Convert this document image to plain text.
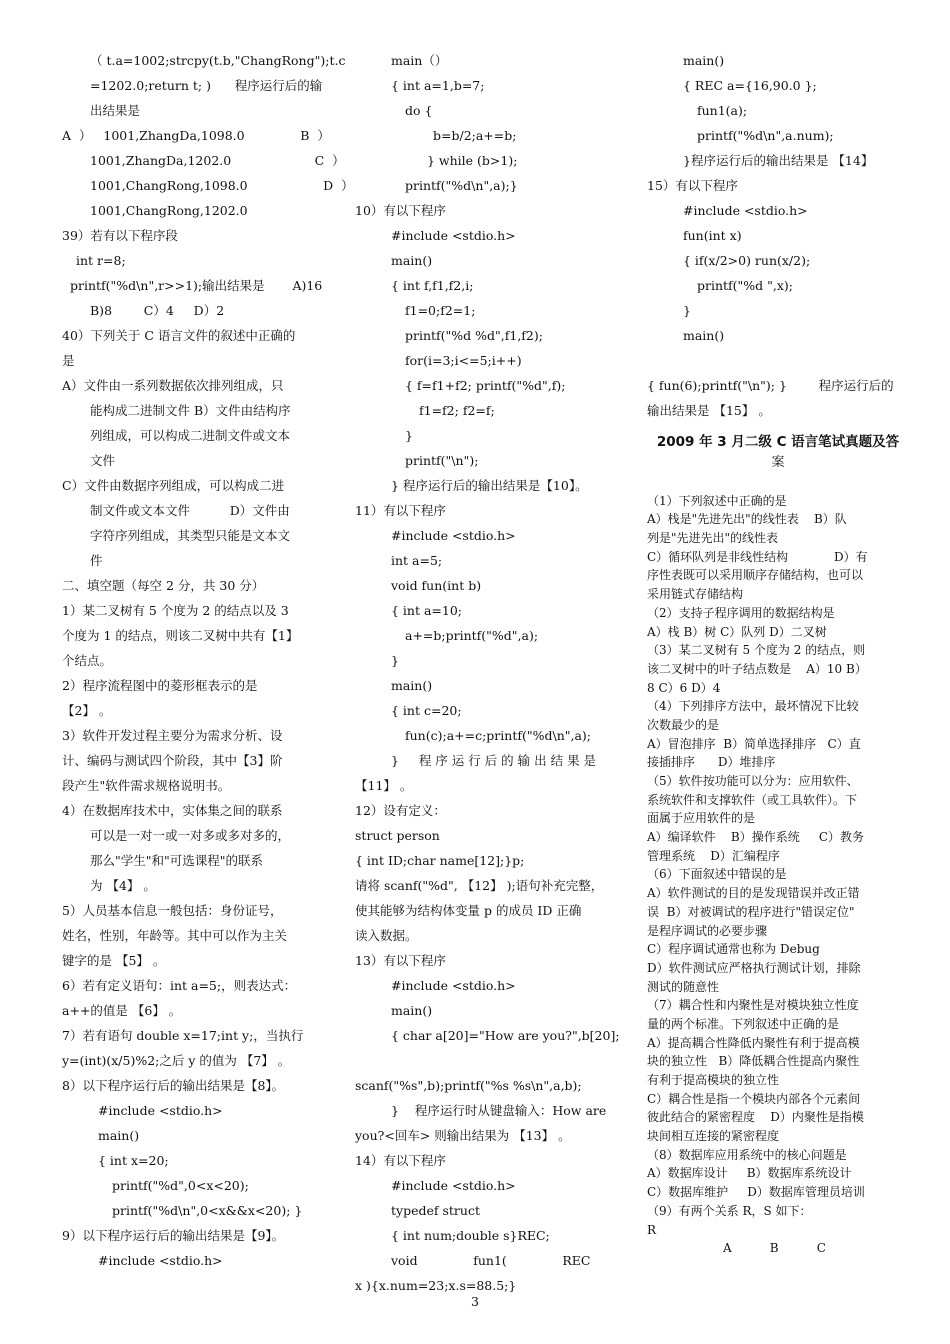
（ t.a=1002;strcpy(t.b,"ChangRong");t.c
=1202.0;return t; )      程序运行后的输
出结果是
A  ）   1001,ZhangDa,1098.0              B  ）
1001,ZhangDa,1202.0                     C  ）
1001,ChangRong,1098.0                   D  ）
1001,ChangRong,1202.0
39）若有以下程序段
int r=8;
printf("%d\n",r>>1);输出结果是       A)16
B)8        C）4     D）2
40）下列关于 C 语言文件的叙述中正确的
是
A）文件由一系列数据依次排列组成，只
能构成二进制文件 B）文件由结构序
列组成，可以构成二进制文件或文本
文件
C）文件由数据序列组成，可以构成二进
制文件或文本文件          D）文件由
字符序列组成，其类型只能是文本文
件
二、填空题（每空 2 分，共 30 分）
1）某二叉树有 5 个度为 2 的结点以及 3
个度为 1 的结点，则该二叉树中共有【1】
个结点。
2）程序流程图中的菱形框表示的是
【2】 。
3）软件开发过程主要分为需求分析、设
计、编码与测试四个阶段，其中【3】阶
段产生"软件需求规格说明书。
4）在数据库技术中，实体集之间的联系
可以是一对一或一对多或多对多的，
那么"学生"和"可选课程"的联系
为 【4】 。
5）人员基本信息一般包括：身份证号，
姓名，性别，年龄等。其中可以作为主关
键字的是 【5】 。
6）若有定义语句：int a=5;，则表达式：
a++的值是 【6】 。
7）若有语句 double x=17;int y;，当执行
y=(int)(x/5)%2;之后 y 的值为 【7】 。
8）以下程序运行后的输出结果是【8】。
#include <stdio.h>
main()
{ int x=20;
printf("%d",0<x<20);
printf("%d\n",0<x&&x<20); }
9）以下程序运行后的输出结果是【9】。
#include <stdio.h>
main（）
{ int a=1,b=7;
do {
b=b/2;a+=b;
} while (b>1);
printf("%d\n",a);}
10）有以下程序
#include <stdio.h>
main()
{ int f,f1,f2,i;
f1=0;f2=1;
printf("%d %d",f1,f2);
for(i=3;i<=5;i++)
{ f=f1+f2; printf("%d",f);
f1=f2; f2=f;
}
printf("\n");
} 程序运行后的输出结果是【10】。
11）有以下程序
#include <stdio.h>
int a=5;
void fun(int b)
{ int a=10;
a+=b;printf("%d",a);
}
main()
{ int c=20;
fun(c);a+=c;printf("%d\n",a);
}     程 序 运 行 后 的 输 出 结 果 是
【11】 。
12）设有定义：
struct person
{ int ID;char name[12];}p;
请将 scanf("%d", 【12】 );语句补充完整，
使其能够为结构体变量 p 的成员 ID 正确
读入数据。
13）有以下程序
#include <stdio.h>
main()
{ char a[20]="How are you?",b[20];
scanf("%s",b);printf("%s %s\n",a,b);
}    程序运行时从键盘输入：How are
you?<回车> 则输出结果为 【13】 。
14）有以下程序
#include <stdio.h>
typedef struct
{ int num;double s}REC;
void              fun1(              REC
x ){x.num=23;x.s=88.5;}
main()
{ REC a={16,90.0 };
fun1(a);
printf("%d\n",a.num);
}程序运行后的输出结果是 【14】
15）有以下程序
#include <stdio.h>
fun(int x)
{ if(x/2>0) run(x/2);
printf("%d ",x);
}
main()
{ fun(6);printf("\n"); }        程序运行后的
输出结果是 【15】 。
2009 年 3 月二级 C 语言笔试真题及答
案
（1）下列叙述中正确的是
A）栈是"先进先出"的线性表    B）队
列是"先进先出"的线性表
C）循环队列是非线性结构            D）有
序性表既可以采用顺序存储结构，也可以
采用链式存储结构
（2）支持子程序调用的数据结构是
A）栈 B）树 C）队列 D）二叉树
（3）某二叉树有 5 个度为 2 的结点，则
该二叉树中的叶子结点数是    A）10 B）
8 C）6 D）4
（4）下列排序方法中，最坏情况下比较
次数最少的是
A）冒泡排序  B）简单选择排序   C）直
接插排序      D）堆排序
（5）软件按功能可以分为：应用软件、
系统软件和支撑软件（或工具软件）。下
面属于应用软件的是
A）编译软件    B）操作系统     C）教务
管理系统    D）汇编程序
（6）下面叙述中错误的是
A）软件测试的目的是发现错误并改正错
误  B）对被调试的程序进行"错误定位"
是程序调试的必要步骤
C）程序调试通常也称为 Debug
D）软件测试应严格执行测试计划，排除
测试的随意性
（7）耦合性和内聚性是对模块独立性度
量的两个标准。下列叙述中正确的是
A）提高耦合性降低内聚性有利于提高模
块的独立性   B）降低耦合性提高内聚性
有利于提高模块的独立性
C）耦合性是指一个模块内部各个元素间
彼此结合的紧密程度    D）内聚性是指模
块间相互连接的紧密程度
（8）数据库应用系统中的核心问题是
A）数据库设计     B）数据库系统设计
C）数据库维护     D）数据库管理员培训
（9）有两个关系 R，S 如下：
R
A          B          C
3
